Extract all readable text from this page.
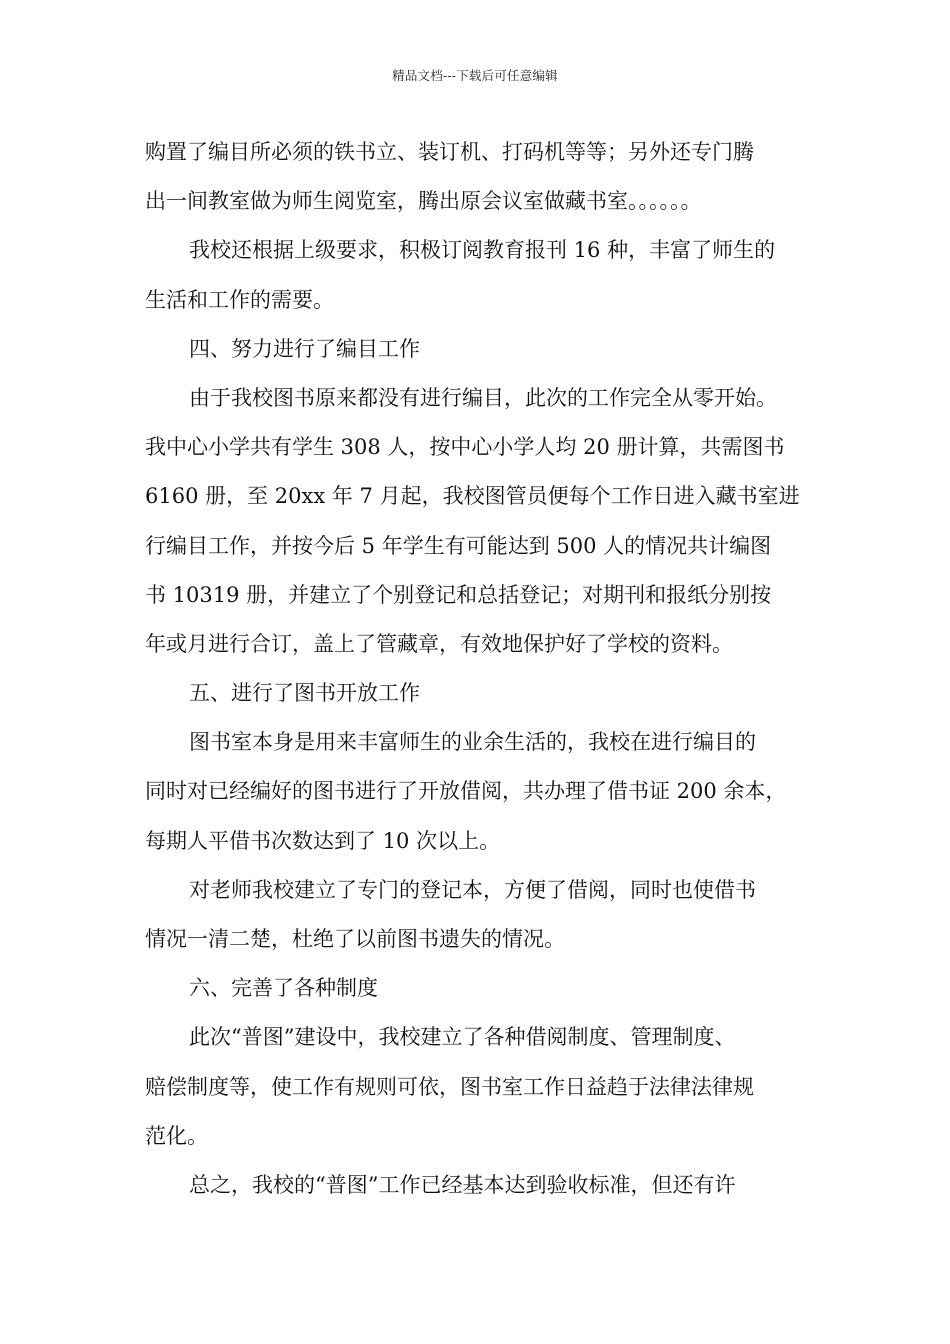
精品文档---下载后可任意编辑
购置了编目所必须的铁书立、装订机、打码机等等；另外还专门腾
出一间教室做为师生阅览室，腾出原会议室做藏书室。。。。。。
我校还根据上级要求，积极订阅教育报刊 16 种，丰富了师生的
生活和工作的需要。
四、努力进行了编目工作
由于我校图书原来都没有进行编目，此次的工作完全从零开始。
我中心小学共有学生 308 人，按中心小学人均 20 册计算，共需图书
6160 册，至 20xx 年 7 月起，我校图管员便每个工作日进入藏书室进
行编目工作，并按今后 5 年学生有可能达到 500 人的情况共计编图
书 10319 册，并建立了个别登记和总括登记；对期刊和报纸分别按
年或月进行合订，盖上了管藏章，有效地保护好了学校的资料。
五、进行了图书开放工作
图书室本身是用来丰富师生的业余生活的，我校在进行编目的
同时对已经编好的图书进行了开放借阅，共办理了借书证 200 余本，
每期人平借书次数达到了 10 次以上。
对老师我校建立了专门的登记本，方便了借阅，同时也使借书
情况一清二楚，杜绝了以前图书遗失的情况。
六、完善了各种制度
此次“普图”建设中，我校建立了各种借阅制度、管理制度、
赔偿制度等，使工作有规则可依，图书室工作日益趋于法律法律规
范化。
总之，我校的“普图”工作已经基本达到验收标准，但还有许
